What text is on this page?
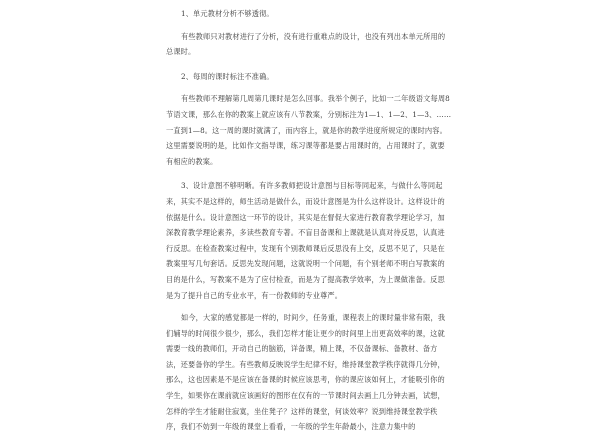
1、单元教材分析不够透彻。

有些教师只对教材进行了分析，没有进行重难点的设计，也没有列出本单元所用的总课时。

2、每周的课时标注不准确。

有些教师不理解第几周第几课时是怎么回事。我举个例子，比如一二年级语文每周8节语文课，那么在你的教案上就应该有八节教案，分别标注为1—1、1—2、1—3、……一直到1—8。这一周的课时就满了，而内容上，就是你的教学进度所规定的课时内容。这里需要说明的是，比如作文指导课，练习课等都是要占用课时的，占用课时了，就要有相应的教案。

3、设计意图不够明晰。有许多教师把设计意图与目标等同起来，与做什么等同起来，其实不是这样的，师生活动是做什么，而设计意图是为什么这样设计。这样设计的依据是什么。设计意图这一环节的设计，其实是在督促大家进行教育教学理论学习，加深教育教学理论素养，多读些教育专著。不盲目备课和上课就是认真对待反思，认真进行反思。在检查教案过程中，发现有个别教师课后反思没有上交，反思不见了，只是在教案里写几句套话。反思先发现问题，这就说明一个问题，有个别老师不明白写教案的目的是什么，写教案不是为了应付检查，而是为了提高教学效率，为上课做准备。反思是为了提升自己的专业水平，有一份教师的专业尊严。

如今，大家的感觉都是一样的，时间少，任务重，课程表上的课时量非常有限，我们辅导的时间很少很少，那么，我们怎样才能让更少的时间里上出更高效率的课，这就需要一线的教师们，开动自己的脑筋，详备课，精上课，不仅备课标、备教材、备方法，还要备你的学生。有些教师反映说学生纪律不好，维持课堂教学秩序就得几分钟，那么，这也因素是不是应该在备课的时候应该思考，你的课应该如何上，才能吸引你的学生，如果你在课前就应该画好的图形在仅有的一节课时间去画上几分钟去画，试想，怎样的学生才能耐住寂寞，坐住凳子？这样的课堂，何谈效率？说到维持课堂教学秩序，我们不妨到一年级的课堂上看看，一年级的学生年龄最小，注意力集中的
